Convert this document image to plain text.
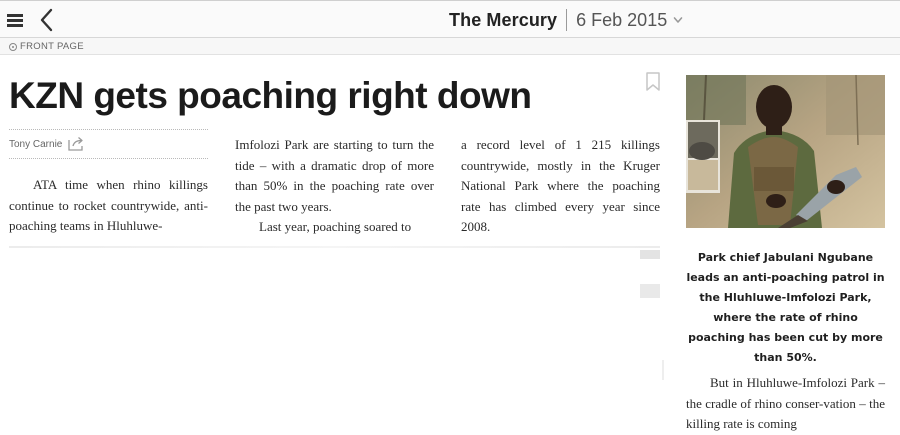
The Mercury 6 Feb 2015
FRONT PAGE
KZN gets poaching right down
Tony Carnie

ATA time when rhino killings continue to rocket countrywide, anti-poaching teams in Hluhluwe-

Imfolozi Park are starting to turn the tide – with a dramatic drop of more than 50% in the poaching rate over the past two years.

Last year, poaching soared to

a record level of 1 215 killings countrywide, mostly in the Kruger National Park where the poaching rate has climbed every year since 2008.

Park chief Jabulani Ngubane leads an anti-poaching patrol in the Hluhluwe-Imfolozi Park, where the rate of rhino poaching has been cut by more than 50%.

But in Hluhluwe-Imfolozi Park – the cradle of rhino conser-vation – the killing rate is coming
